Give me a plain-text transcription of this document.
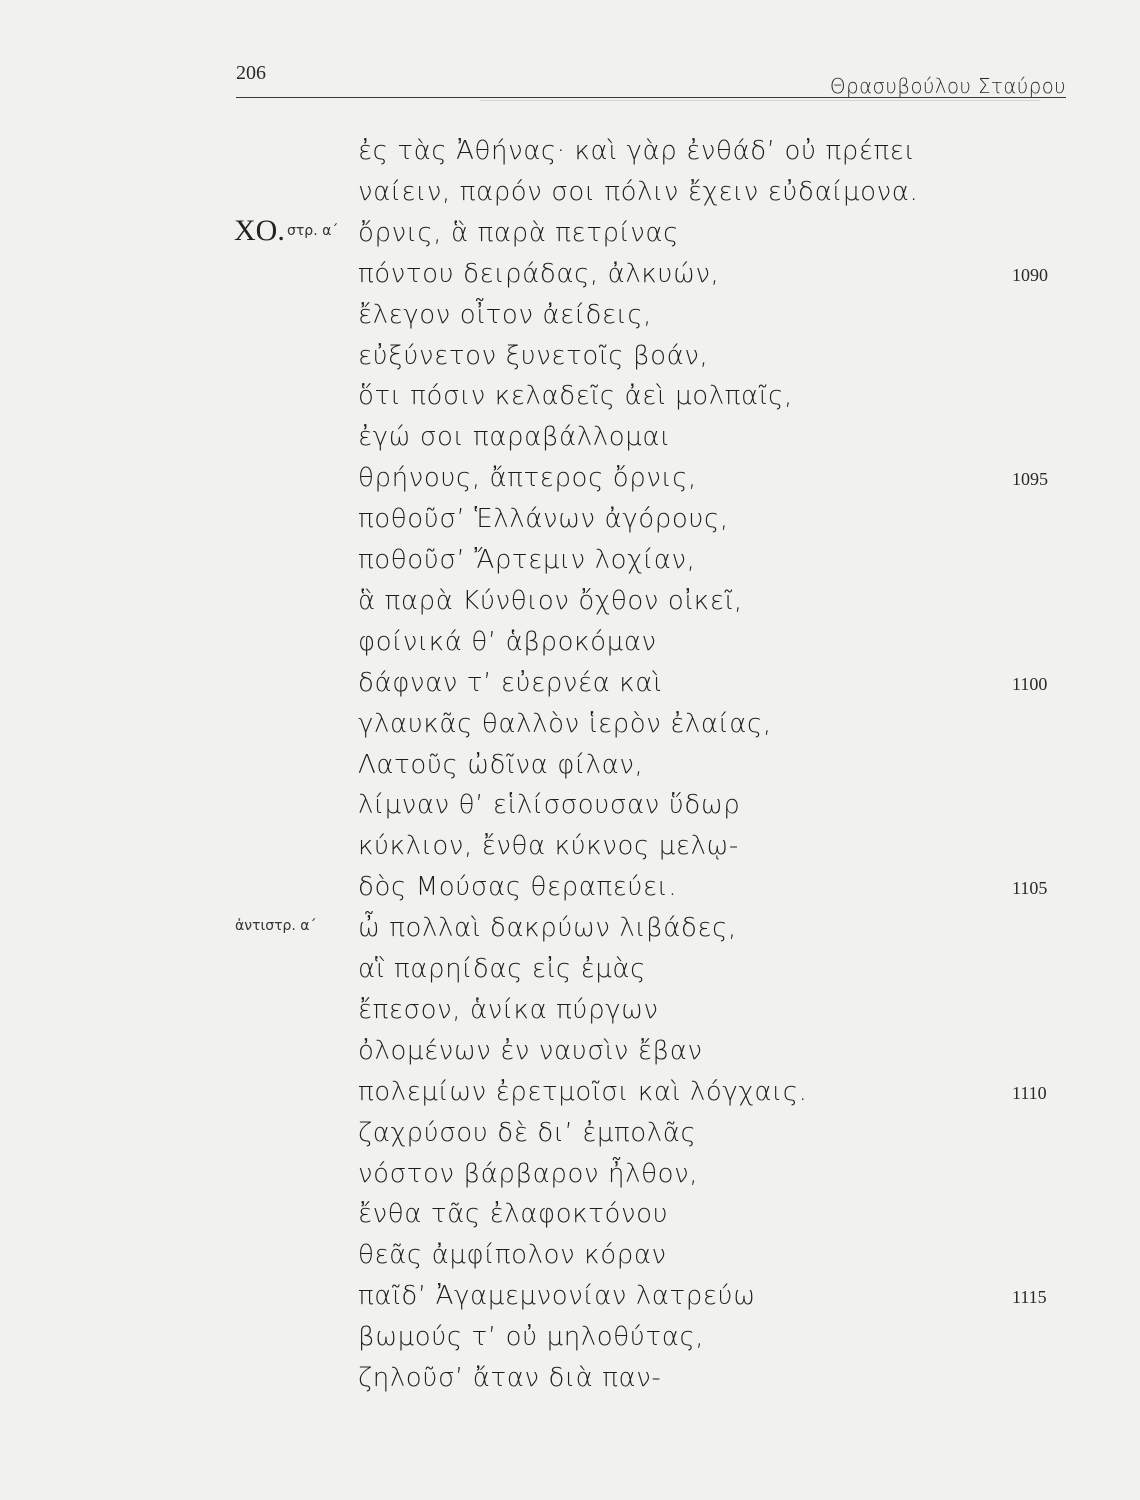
206
Θρασυβούλου Σταύρου
ἐς τὰς Ἀθήνας· καὶ γὰρ ἐνθάδ’ οὐ πρέπει
ναίειν, παρόν σοι πόλιν ἔχειν εὐδαίμονα.
ΧΟ. στρ. α΄ ὄρνις, ἃ παρὰ πετρίνας
πόντου δειράδας, ἀλκυών,	1090
ἔλεγον οἶτον ἀείδεις,
εὐξύνετον ξυνετοῖς βοάν,
ὅτι πόσιν κελαδεῖς ἀεὶ μολπαῖς,
ἐγώ σοι παραβάλλομαι
θρήνους, ἄπτερος ὄρνις,	1095
ποθοῦσ’ Ἑλλάνων ἀγόρους,
ποθοῦσ’ Ἄρτεμιν λοχίαν,
ἃ παρὰ Κύνθιον ὄχθον οἰκεῖ,
φοίνικά θ’ ἁβροκόμαν
δάφναν τ’ εὐερνέα καὶ	1100
γλαυκᾶς θαλλὸν ἱερὸν ἐλαίας,
Λατοῦς ὠδῖνα φίλαν,
λίμναν θ’ εἱλίσσουσαν ὕδωρ
κύκλιον, ἔνθα κύκνος μελῳ-
δὸς Μούσας θεραπεύει.	1105
ἀντιστρ. α΄ ὦ πολλαὶ δακρύων λιβάδες,
αἳ παρηίδας εἰς ἐμὰς
ἔπεσον, ἁνίκα πύργων
ὀλομένων ἐν ναυσὶν ἔβαν
πολεμίων ἐρετμοῖσι καὶ λόγχαις.	1110
ζαχρύσου δὲ δι’ ἐμπολᾶς
νόστον βάρβαρον ἦλθον,
ἔνθα τᾶς ἐλαφοκτόνου
θεᾶς ἀμφίπολον κόραν
παῖδ’ Ἀγαμεμνονίαν λατρεύω	1115
βωμούς τ’ οὐ μηλοθύτας,
ζηλοῦσ’ ἄταν διὰ παν-
